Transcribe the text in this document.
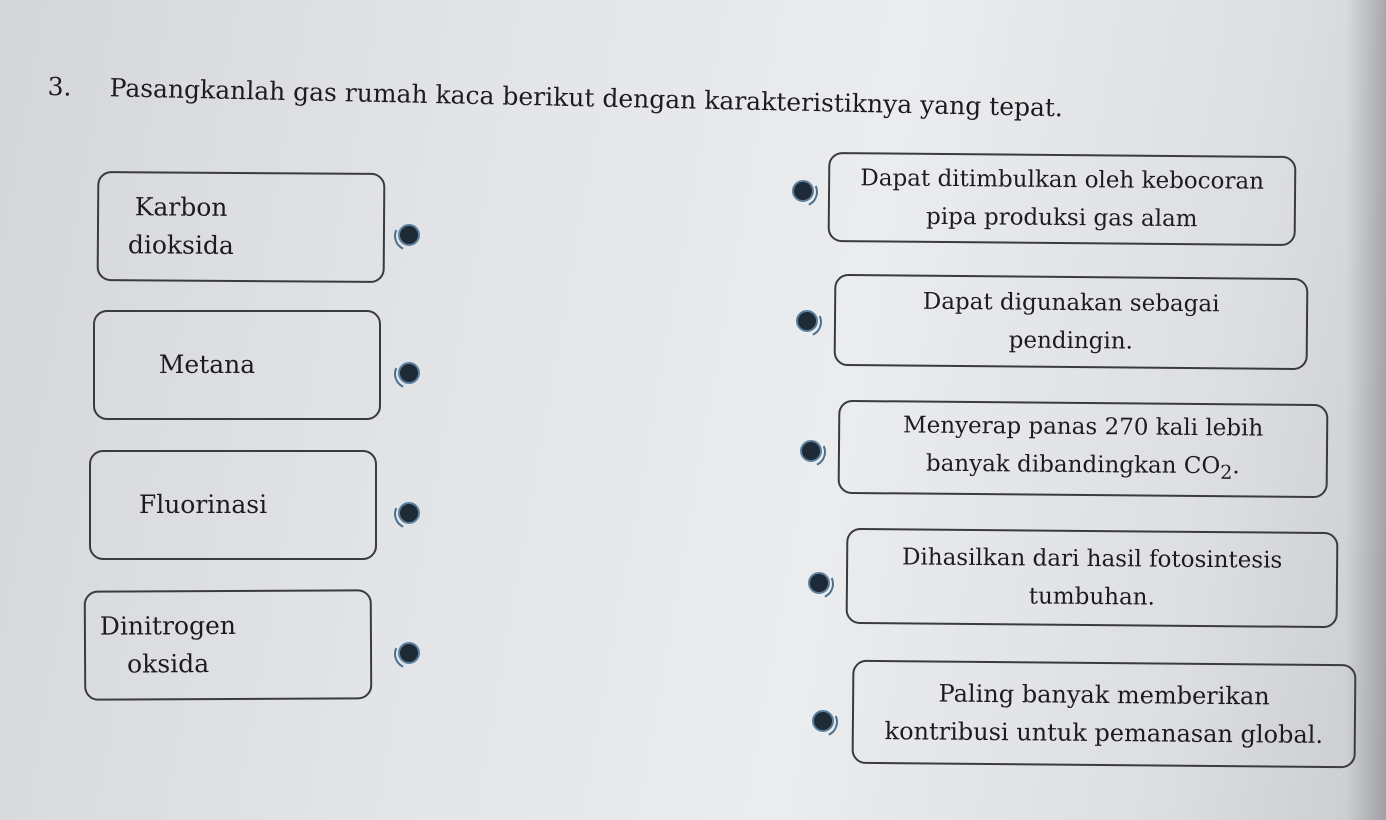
3. Pasangkanlah gas rumah kaca berikut dengan karakteristiknya yang tepat.
Karbon
dioksida
Metana
Fluorinasi
Dinitrogen
oksida
Dapat ditimbulkan oleh kebocoran
pipa produksi gas alam
Dapat digunakan sebagai
pendingin.
Menyerap panas 270 kali lebih
banyak dibandingkan $CO_2$.
Dihasilkan dari hasil fotosintesis
tumbuhan.
Paling banyak memberikan
kontribusi untuk pemanasan global.
